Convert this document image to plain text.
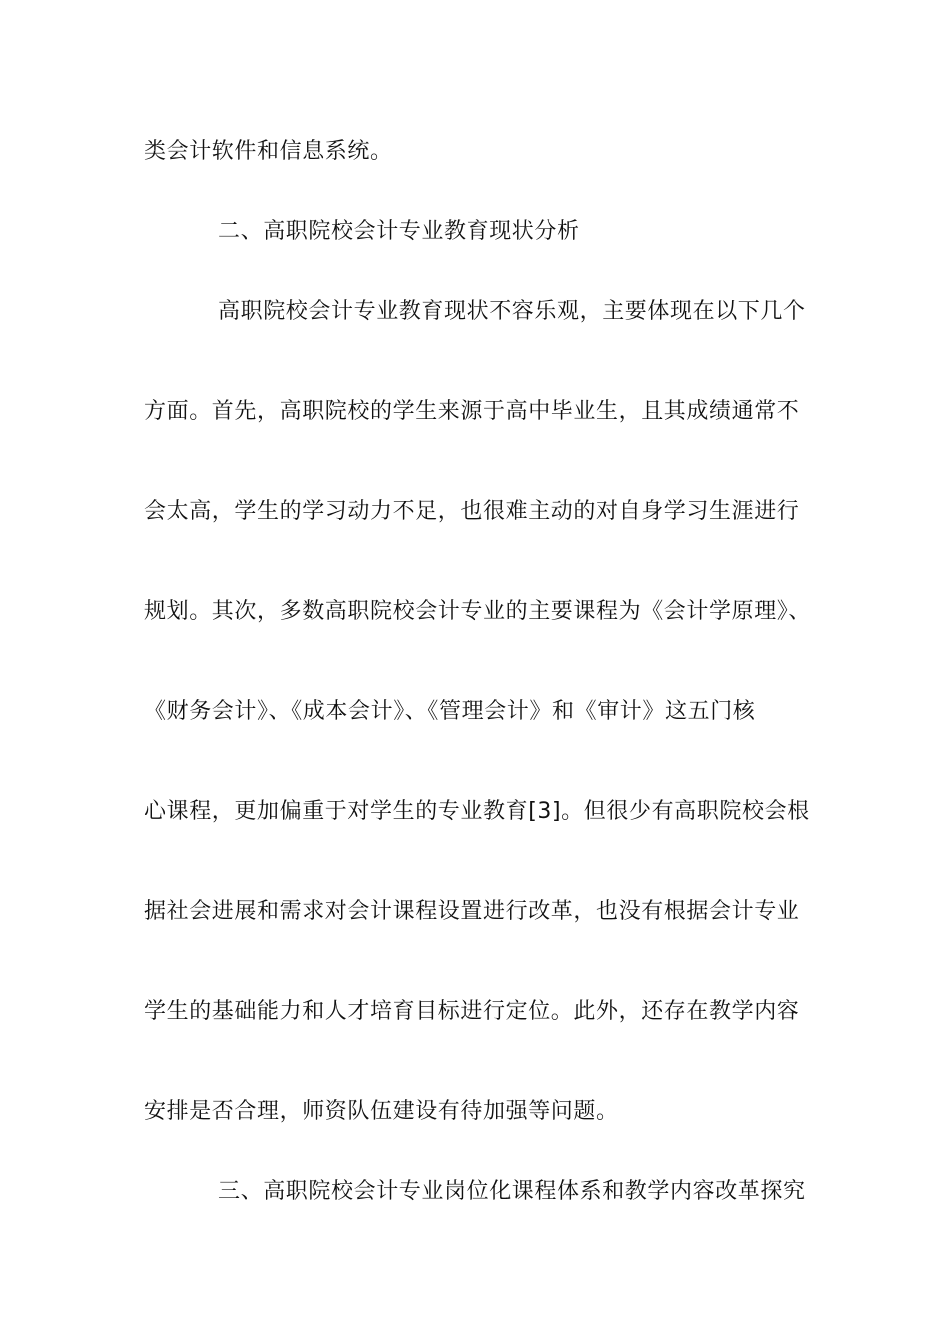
类会计软件和信息系统。
二、高职院校会计专业教育现状分析
高职院校会计专业教育现状不容乐观，主要体现在以下几个
方面。首先，高职院校的学生来源于高中毕业生，且其成绩通常不
会太高，学生的学习动力不足，也很难主动的对自身学习生涯进行
规划。其次，多数高职院校会计专业的主要课程为《会计学原理》、
《财务会计》、《成本会计》、《管理会计》和《审计》这五门核
心课程，更加偏重于对学生的专业教育[3]。但很少有高职院校会根
据社会进展和需求对会计课程设置进行改革，也没有根据会计专业
学生的基础能力和人才培育目标进行定位。此外，还存在教学内容
安排是否合理，师资队伍建设有待加强等问题。
三、高职院校会计专业岗位化课程体系和教学内容改革探究
